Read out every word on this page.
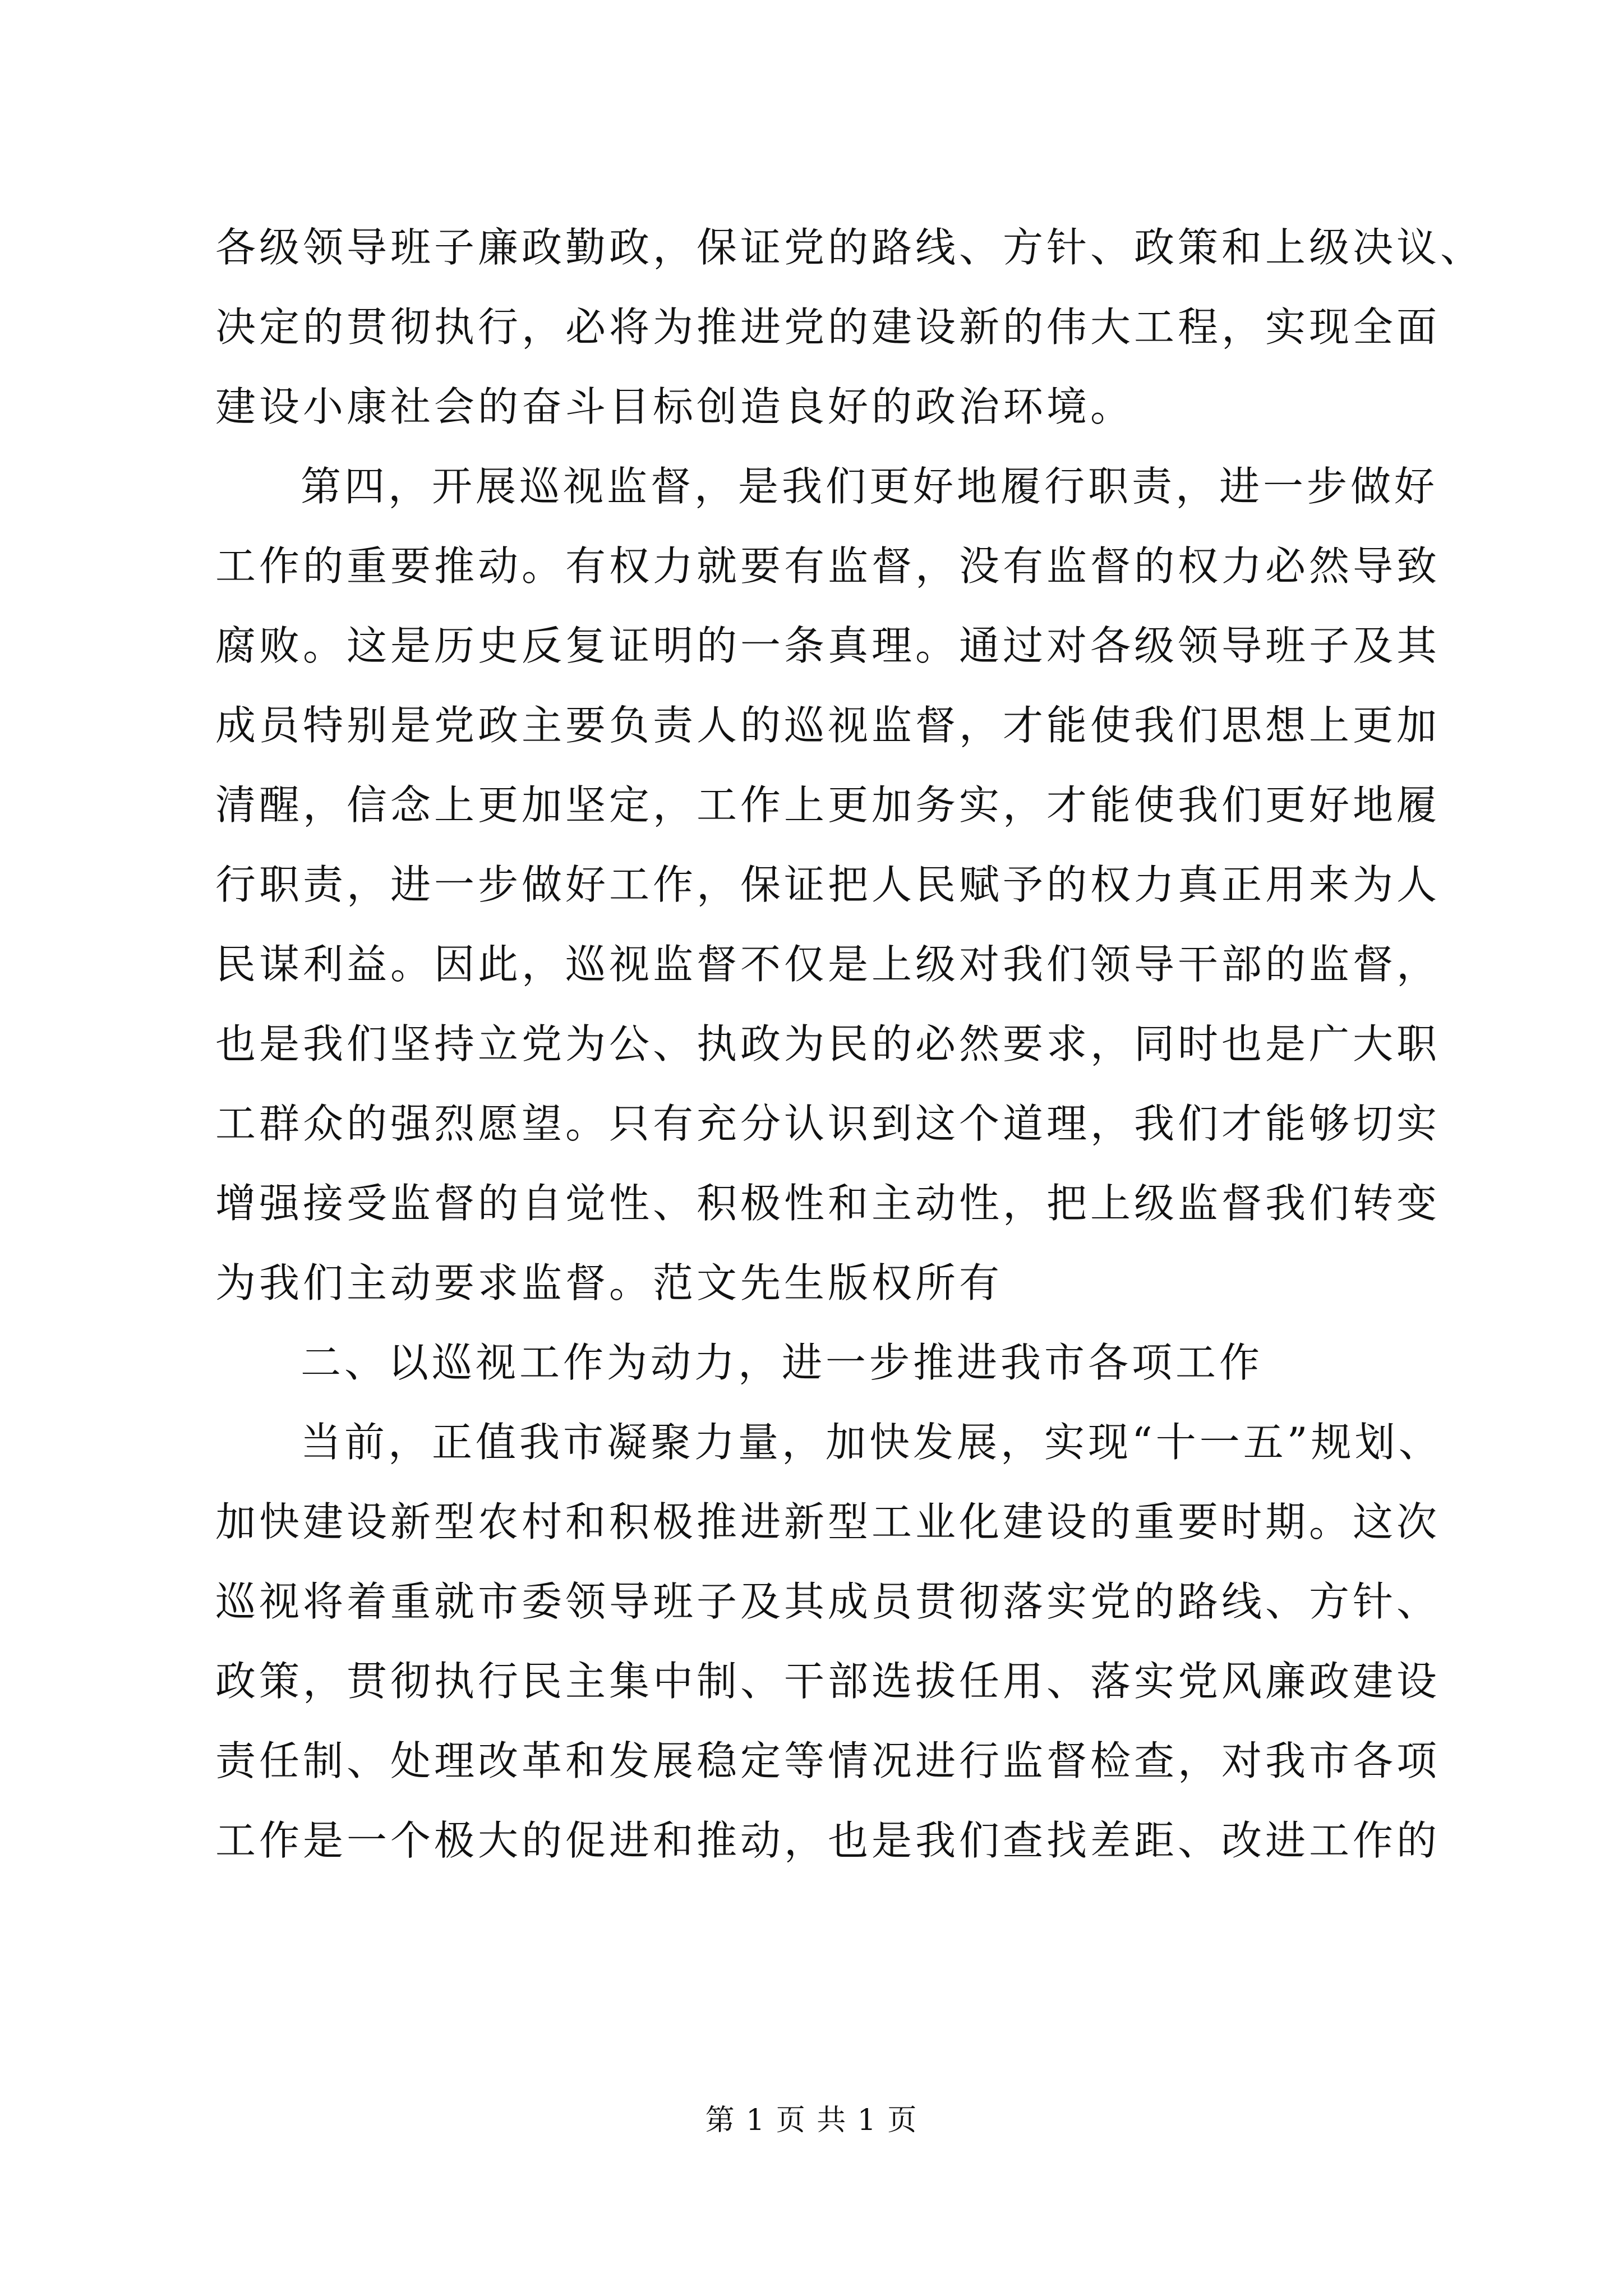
各级领导班子廉政勤政，保证党的路线、方针、政策和上级决议、
决定的贯彻执行，必将为推进党的建设新的伟大工程，实现全面
建设小康社会的奋斗目标创造良好的政治环境。
第四，开展巡视监督，是我们更好地履行职责，进一步做好
工作的重要推动。有权力就要有监督，没有监督的权力必然导致
腐败。这是历史反复证明的一条真理。通过对各级领导班子及其
成员特别是党政主要负责人的巡视监督，才能使我们思想上更加
清醒，信念上更加坚定，工作上更加务实，才能使我们更好地履
行职责，进一步做好工作，保证把人民赋予的权力真正用来为人
民谋利益。因此，巡视监督不仅是上级对我们领导干部的监督，
也是我们坚持立党为公、执政为民的必然要求，同时也是广大职
工群众的强烈愿望。只有充分认识到这个道理，我们才能够切实
增强接受监督的自觉性、积极性和主动性，把上级监督我们转变
为我们主动要求监督。范文先生版权所有
二、以巡视工作为动力，进一步推进我市各项工作
当前，正值我市凝聚力量，加快发展，实现“十一五”规划、
加快建设新型农村和积极推进新型工业化建设的重要时期。这次
巡视将着重就市委领导班子及其成员贯彻落实党的路线、方针、
政策，贯彻执行民主集中制、干部选拔任用、落实党风廉政建设
责任制、处理改革和发展稳定等情况进行监督检查，对我市各项
工作是一个极大的促进和推动，也是我们查找差距、改进工作的
第 1 页 共 1 页
